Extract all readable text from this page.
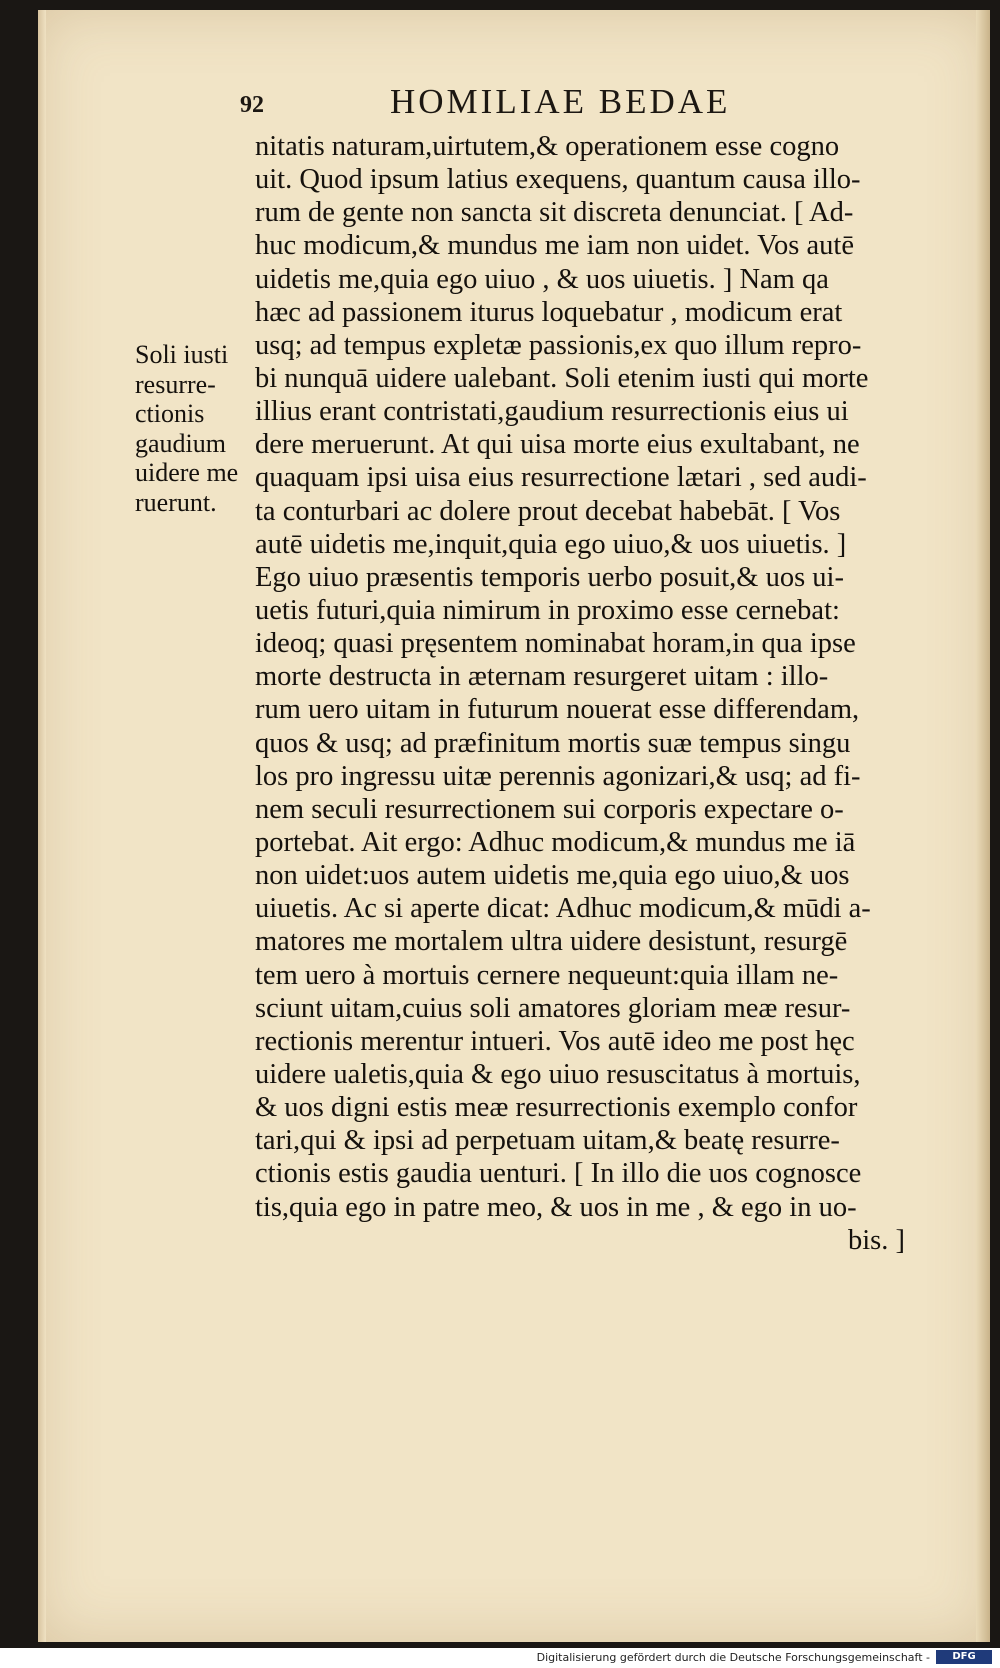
92	HOMILIAE BEDAE
Soli iusti
resurre-
ctionis
gaudium
uidere me
ruerunt.
nitatis naturam,uirtutem,& operationem esse cogno
uit. Quod ipsum latius exequens, quantum causa illo-
rum de gente non sancta sit discreta denunciat. [ Ad-
huc modicum,& mundus me iam non uidet. Vos autē
uidetis me,quia ego uiuo , & uos uiuetis. ] Nam qa
hæc ad passionem iturus loquebatur , modicum erat
usq; ad tempus expletæ passionis,ex quo illum repro-
bi nunquā uidere ualebant. Soli etenim iusti qui morte
illius erant contristati,gaudium resurrectionis eius ui
dere meruerunt. At qui uisa morte eius exultabant, ne
quaquam ipsi uisa eius resurrectione lætari , sed audi-
ta conturbari ac dolere prout decebat habebāt. [ Vos
autē uidetis me,inquit,quia ego uiuo,& uos uiuetis. ]
Ego uiuo præsentis temporis uerbo posuit,& uos ui-
uetis futuri,quia nimirum in proximo esse cernebat:
ideoq; quasi pręsentem nominabat horam,in qua ipse
morte destructa in æternam resurgeret uitam : illo-
rum uero uitam in futurum nouerat esse differendam,
quos & usq; ad præfinitum mortis suæ tempus singu
los pro ingressu uitæ perennis agonizari,& usq; ad fi-
nem seculi resurrectionem sui corporis expectare o-
portebat. Ait ergo: Adhuc modicum,& mundus me iā
non uidet:uos autem uidetis me,quia ego uiuo,& uos
uiuetis. Ac si aperte dicat: Adhuc modicum,& mūdi a-
matores me mortalem ultra uidere desistunt, resurgē
tem uero à mortuis cernere nequeunt:quia illam ne-
sciunt uitam,cuius soli amatores gloriam meæ resur-
rectionis merentur intueri. Vos autē ideo me post hęc
uidere ualetis,quia & ego uiuo resuscitatus à mortuis,
& uos digni estis meæ resurrectionis exemplo confor
tari,qui & ipsi ad perpetuam uitam,& beatę resurre-
ctionis estis gaudia uenturi. [ In illo die uos cognosce
tis,quia ego in patre meo, & uos in me , & ego in uo-
bis. ]
Digitalisierung gefördert durch die Deutsche Forschungsgemeinschaft -	DFG
